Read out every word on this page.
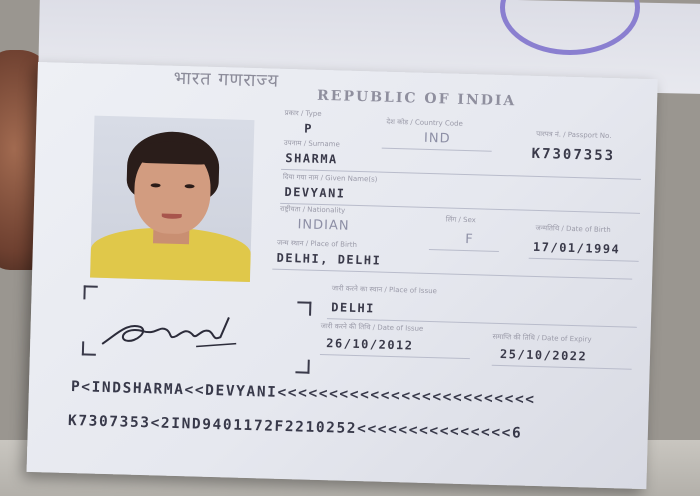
भारत गणराज्य
REPUBLIC OF INDIA
प्रकार / Type
P	देश कोड / Country Code
IND	पारपत्र नं. / Passport No.
K7307353
उपनाम / Surname
SHARMA
दिया गया नाम / Given Name(s)
DEVYANI
राष्ट्रीयता / Nationality
INDIAN	लिंग / Sex
F
जन्मतिथि / Date of Birth
17/01/1994
जन्म स्थान / Place of Birth
DELHI, DELHI
Devyani
जारी करने का स्थान / Place of Issue
DELHI
जारी करने की तिथि / Date of Issue
26/10/2012	समाप्ति की तिथि / Date of Expiry
25/10/2022
P<INDSHARMA<<DEVYANI<<<<<<<<<<<<<<<<<<<<<<<<<
K7307353<2IND9401172F2210252<<<<<<<<<<<<<<<6
